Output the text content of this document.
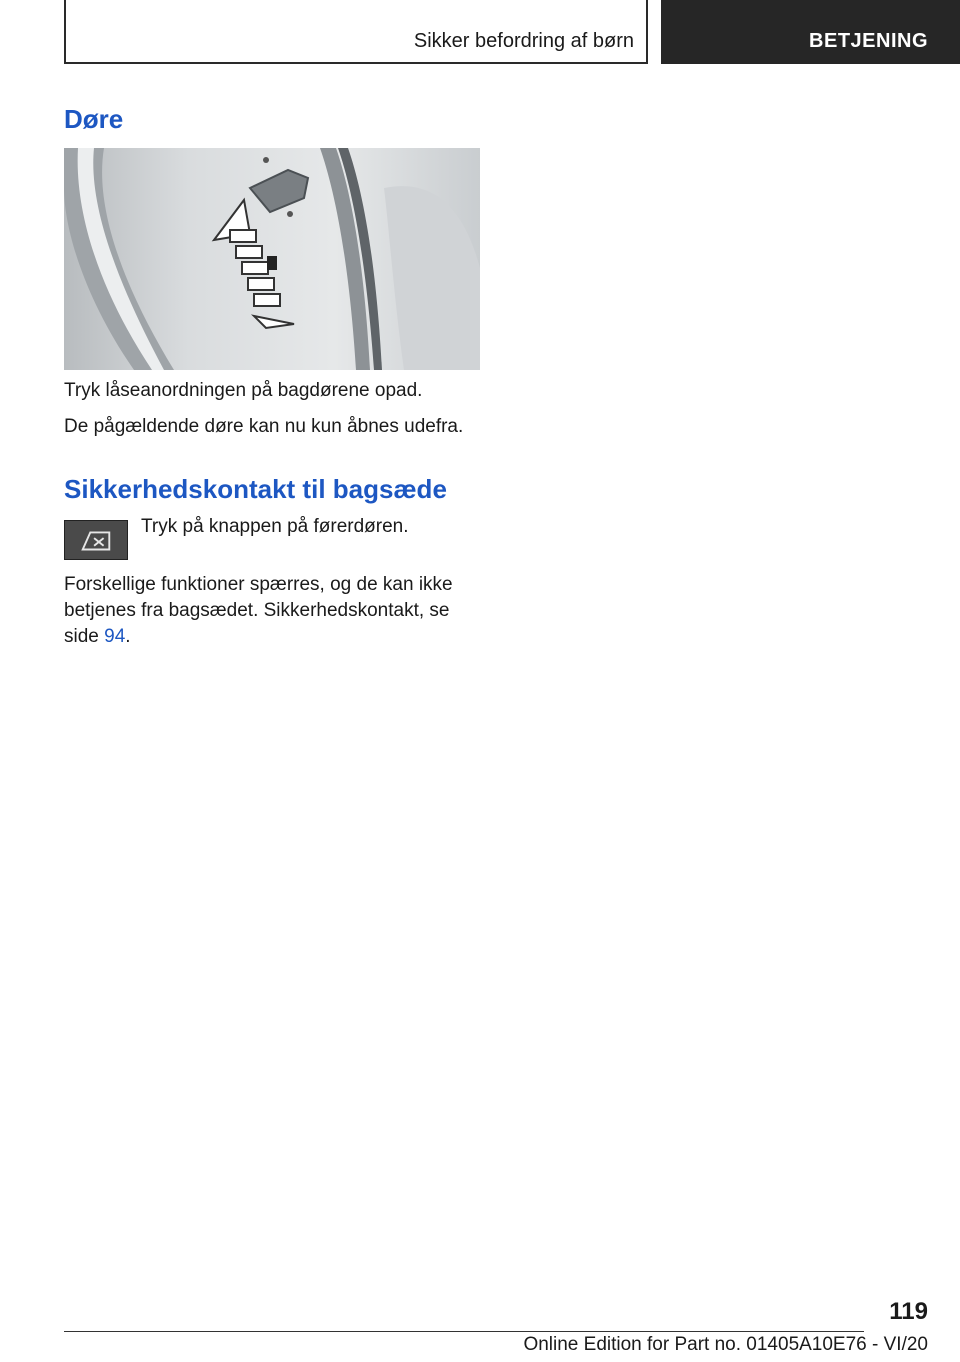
Sikker befordring af børn	BETJENING
Døre

Tryk låseanordningen på bagdørene opad.

De pågældende døre kan nu kun åbnes udefra.

Sikkerhedskontakt til bagsæde

Tryk på knappen på førerdøren.

Forskellige funktioner spærres, og de kan ikke betjenes fra bagsædet. Sikkerhedskontakt, se side 94.

119
Online Edition for Part no. 01405A10E76 - VI/20
